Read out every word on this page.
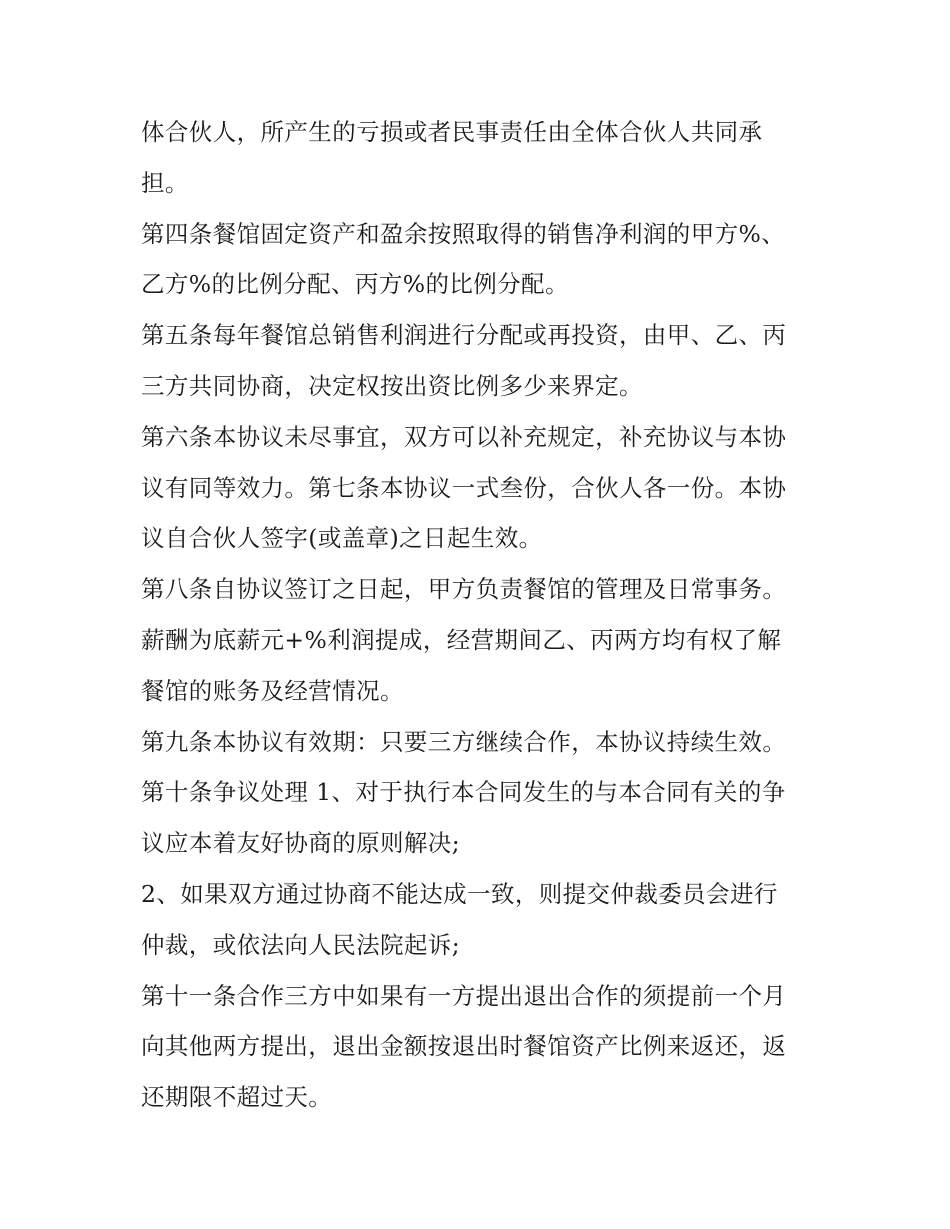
体合伙人，所产生的亏损或者民事责任由全体合伙人共同承
担。
第四条餐馆固定资产和盈余按照取得的销售净利润的甲方%、
乙方%的比例分配、丙方%的比例分配。
第五条每年餐馆总销售利润进行分配或再投资，由甲、乙、丙
三方共同协商，决定权按出资比例多少来界定。
第六条本协议未尽事宜，双方可以补充规定，补充协议与本协
议有同等效力。第七条本协议一式叁份，合伙人各一份。本协
议自合伙人签字(或盖章)之日起生效。
第八条自协议签订之日起，甲方负责餐馆的管理及日常事务。
薪酬为底薪元+%利润提成，经营期间乙、丙两方均有权了解
餐馆的账务及经营情况。
第九条本协议有效期：只要三方继续合作，本协议持续生效。
第十条争议处理 1、对于执行本合同发生的与本合同有关的争
议应本着友好协商的原则解决;
2、如果双方通过协商不能达成一致，则提交仲裁委员会进行
仲裁，或依法向人民法院起诉;
第十一条合作三方中如果有一方提出退出合作的须提前一个月
向其他两方提出，退出金额按退出时餐馆资产比例来返还，返
还期限不超过天。
